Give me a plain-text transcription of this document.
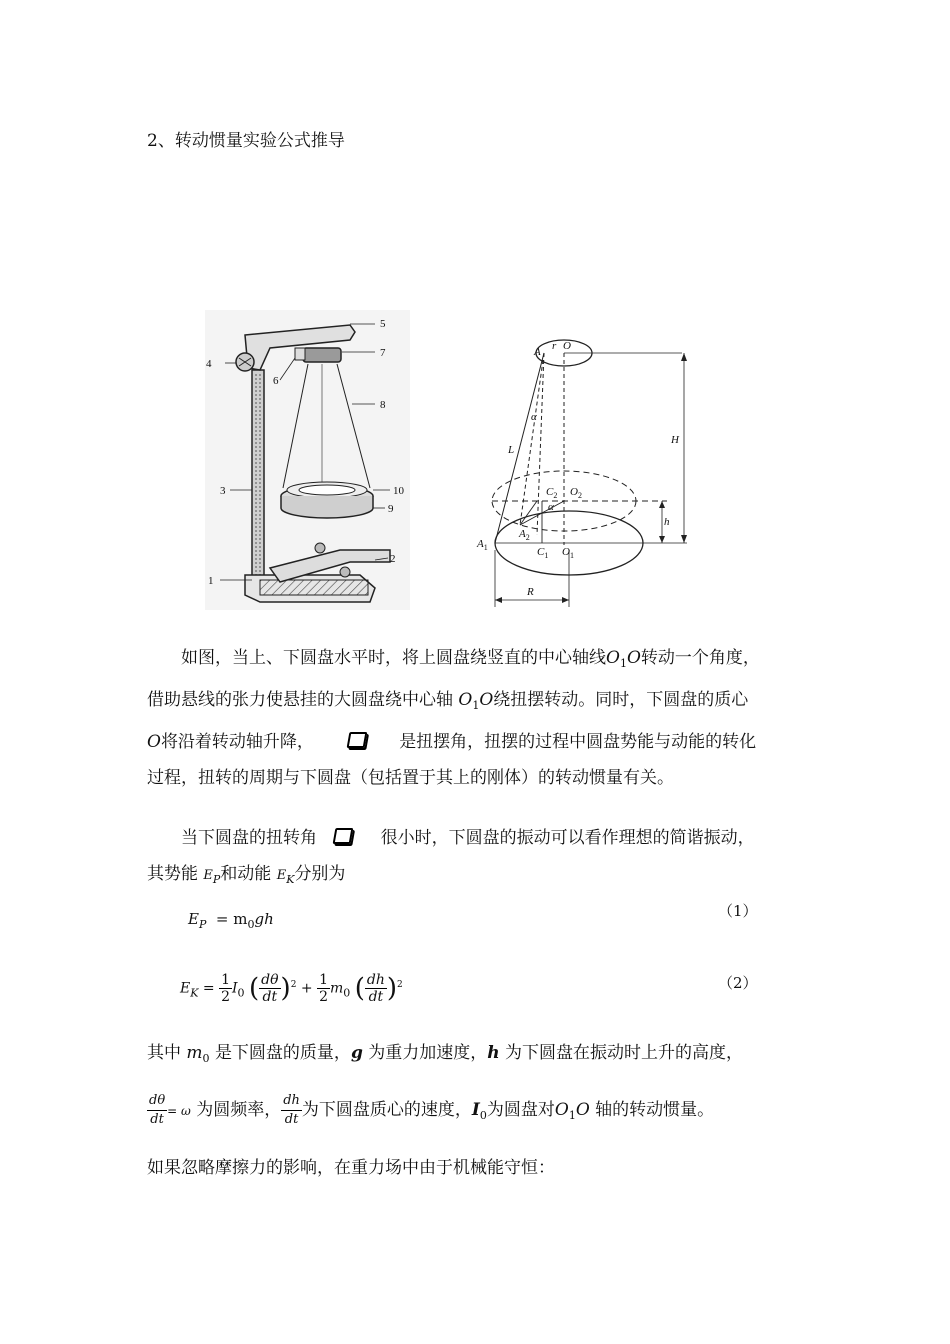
2、转动惯量实验公式推导
5
7
8
10
9
4
6
3
1
2
A r O
α
L
H
$C_2$ $O_2$
α
h
$A_2$
$A_1$	$C_1$ $O_1$
R
如图，当上、下圆盘水平时，将上圆盘绕竖直的中心轴线$O_1O$转动一个角度，
借助悬线的张力使悬挂的大圆盘绕中心轴 $O_1O$绕扭摆转动。同时，下圆盘的质心
O将沿着转动轴升降，	是扭摆角，扭摆的过程中圆盘势能与动能的转化
过程，扭转的周期与下圆盘（包括置于其上的刚体）的转动惯量有关。
当下圆盘的扭转角	很小时，下圆盘的振动可以看作理想的简谐振动，
其势能 $E_P$和动能 $E_K$分别为
$E_P = m_0gh$	（1）
$E_K = \frac{1}{2} I_0$ ( $\frac{d\theta}{dt} )^2 + \frac{1}{2} m_0$ ( $\frac{dh}{dt} )^2$	（2）
其中 $m_0$ 是下圆盘的质量，g 为重力加速度，h 为下圆盘在振动时上升的高度，
$\frac{d\theta}{dt} = \omega$ 为圆频率， $\frac{dh}{dt}$ 为下圆盘质心的速度，$I_0$为圆盘对$O_1O$ 轴的转动惯量。
如果忽略摩擦力的影响，在重力场中由于机械能守恒：
